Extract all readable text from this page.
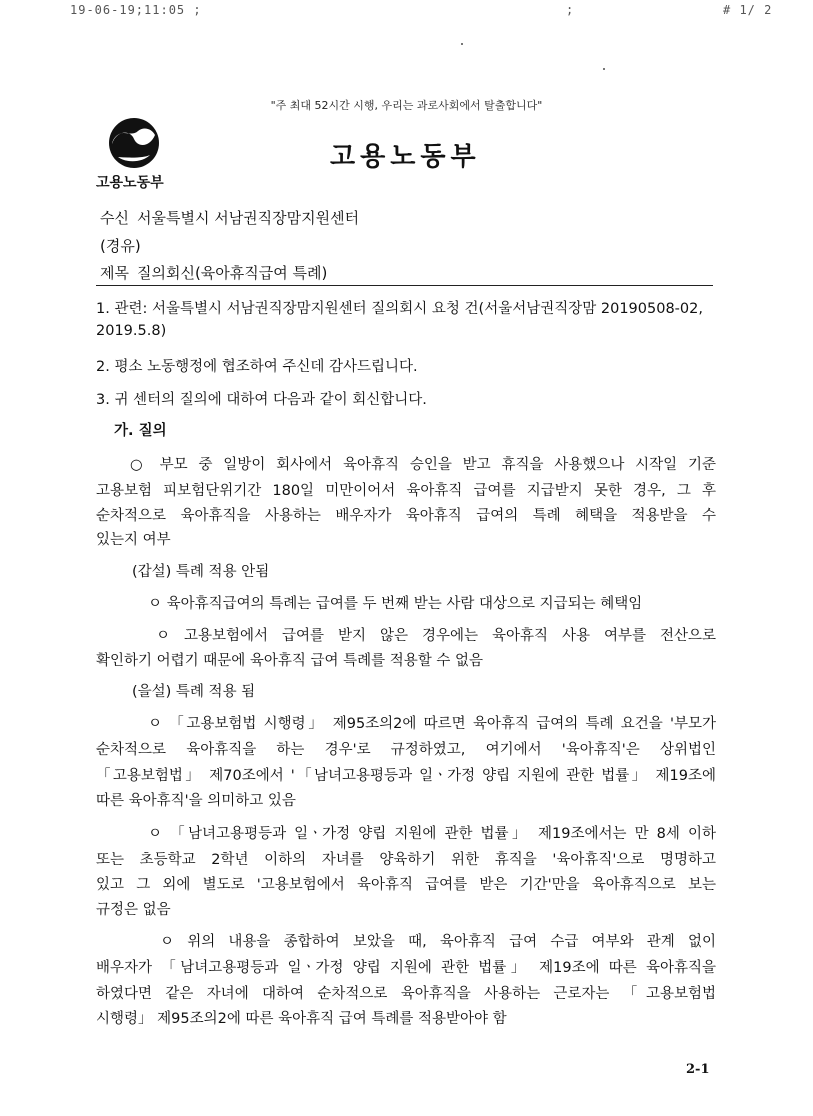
19-06-19;11:05 ;	;	# 1/ 2
"주 최대 52시간 시행, 우리는 과로사회에서 탈출합니다"
고용노동부
고용노동부
수신 서울특별시 서남권직장맘지원센터
(경유)
제목 질의회신(육아휴직급여 특례)
1. 관련: 서울특별시 서남권직장맘지원센터 질의회시 요청 건(서울서남권직장맘 20190508-02,
2019.5.8)
2. 평소 노동행정에 협조하여 주신데 감사드립니다.
3. 귀 센터의 질의에 대하여 다음과 같이 회신합니다.
가. 질의
○ 부모 중 일방이 회사에서 육아휴직 승인을 받고 휴직을 사용했으나 시작일 기준
고용보험 피보험단위기간 180일 미만이어서 육아휴직 급여를 지급받지 못한 경우, 그 후
순차적으로 육아휴직을 사용하는 배우자가 육아휴직 급여의 특례 혜택을 적용받을 수
있는지 여부
(갑설) 특례 적용 안됨
ㅇ 육아휴직급여의 특례는 급여를 두 번째 받는 사람 대상으로 지급되는 혜택임
ㅇ 고용보험에서 급여를 받지 않은 경우에는 육아휴직 사용 여부를 전산으로
확인하기 어렵기 때문에 육아휴직 급여 특례를 적용할 수 없음
(을설) 특례 적용 됨
ㅇ 「고용보험법 시행령」 제95조의2에 따르면 육아휴직 급여의 특례 요건을 '부모가
순차적으로 육아휴직을 하는 경우'로 규정하였고, 여기에서 '육아휴직'은 상위법인
「고용보험법」 제70조에서 '「남녀고용평등과 일ㆍ가정 양립 지원에 관한 법률」 제19조에
따른 육아휴직'을 의미하고 있음
ㅇ 「남녀고용평등과 일ㆍ가정 양립 지원에 관한 법률」 제19조에서는 만 8세 이하
또는 초등학교 2학년 이하의 자녀를 양육하기 위한 휴직을 '육아휴직'으로 명명하고
있고 그 외에 별도로 '고용보험에서 육아휴직 급여를 받은 기간'만을 육아휴직으로 보는
규정은 없음
ㅇ 위의 내용을 종합하여 보았을 때, 육아휴직 급여 수급 여부와 관계 없이
배우자가 「남녀고용평등과 일ㆍ가정 양립 지원에 관한 법률」 제19조에 따른 육아휴직을
하였다면 같은 자녀에 대하여 순차적으로 육아휴직을 사용하는 근로자는 「고용보험법
시행령」 제95조의2에 따른 육아휴직 급여 특례를 적용받아야 함
2-1
